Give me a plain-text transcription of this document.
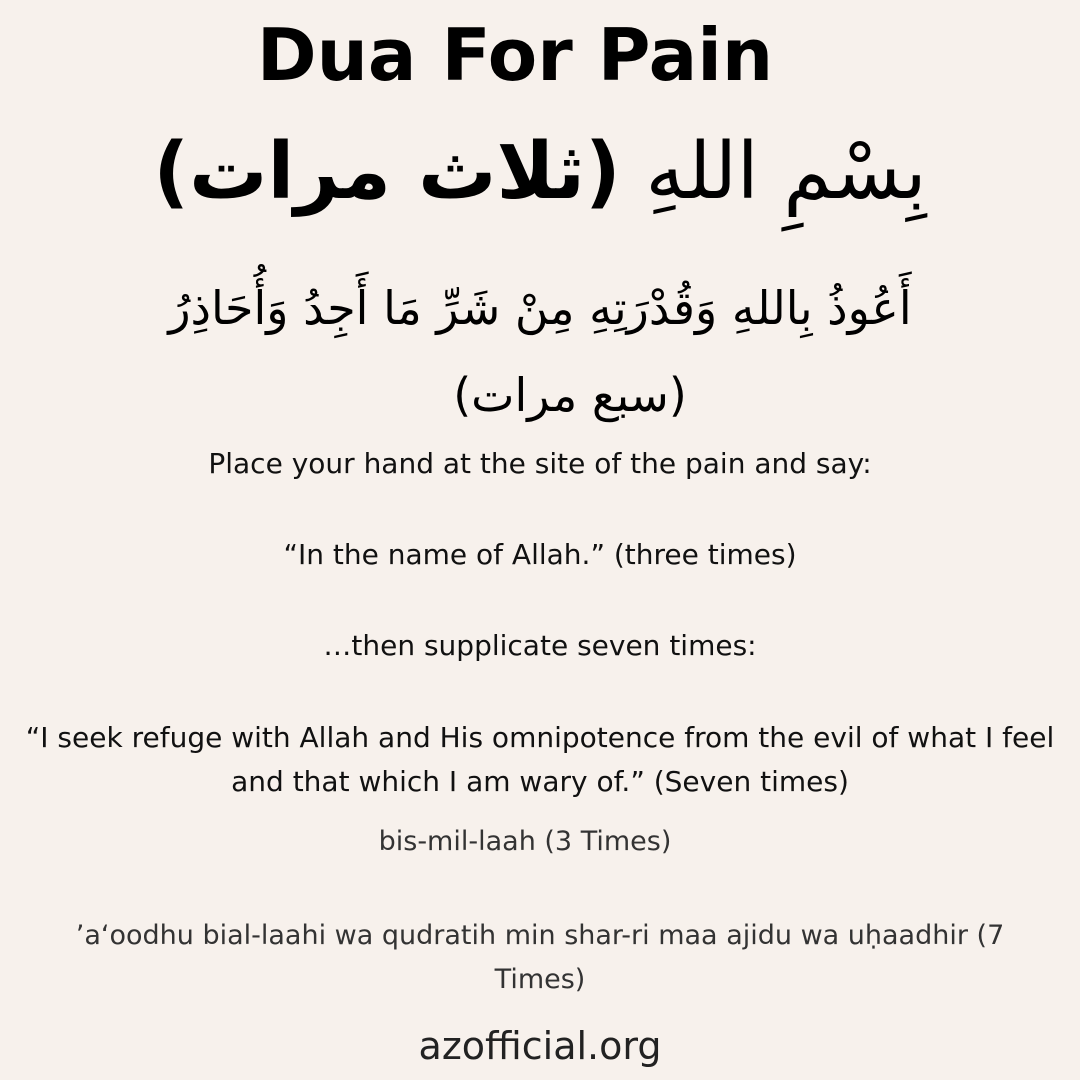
Dua For Pain
بِسْمِ اللهِ (ثلاث مرات)
أَعُوذُ بِاللهِ وَقُدْرَتِهِ مِنْ شَرِّ مَا أَجِدُ وَأُحَاذِرُ
(سبع مرات)
Place your hand at the site of the pain and say:
“In the name of Allah.” (three times)
…then supplicate seven times:
“I seek refuge with Allah and His omnipotence from the evil of what I feel and that which I am wary of.” (Seven times)
bis-mil-laah (3 Times)
’a‘oodhu bial-laahi wa qudratih min shar-ri maa ajidu wa uḥaadhir (7 Times)
azofficial.org
